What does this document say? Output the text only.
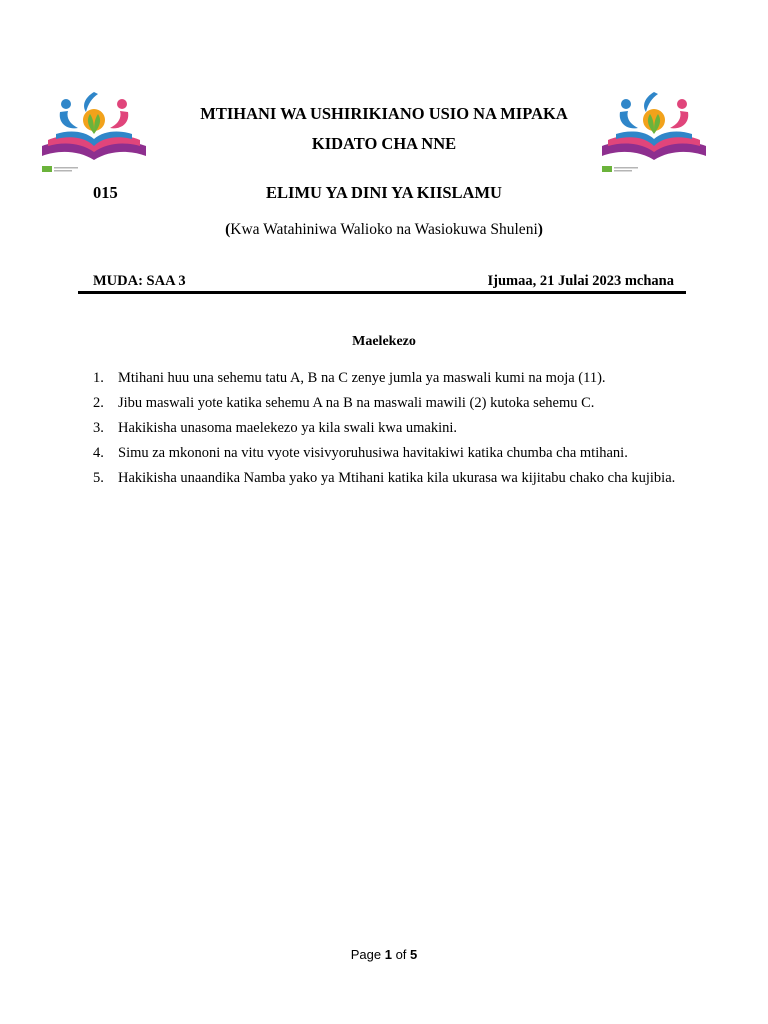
MTIHANI WA USHIRIKIANO USIO NA MIPAKA
KIDATO CHA NNE
015	ELIMU YA DINI YA KIISLAMU
(Kwa Watahiniwa Walioko na Wasiokuwa Shuleni)
MUDA: SAA 3	Ijumaa, 21 Julai 2023 mchana
Maelekezo
1. Mtihani huu una sehemu tatu A, B na C zenye jumla ya maswali kumi na moja (11).
2. Jibu maswali yote katika sehemu A na B na maswali mawili (2) kutoka sehemu C.
3. Hakikisha unasoma maelekezo ya kila swali kwa umakini.
4. Simu za mkononi na vitu vyote visivyoruhusiwa havitakiwi katika chumba cha mtihani.
5. Hakikisha unaandika Namba yako ya Mtihani katika kila ukurasa wa kijitabu chako cha kujibia.
Page 1 of 5
